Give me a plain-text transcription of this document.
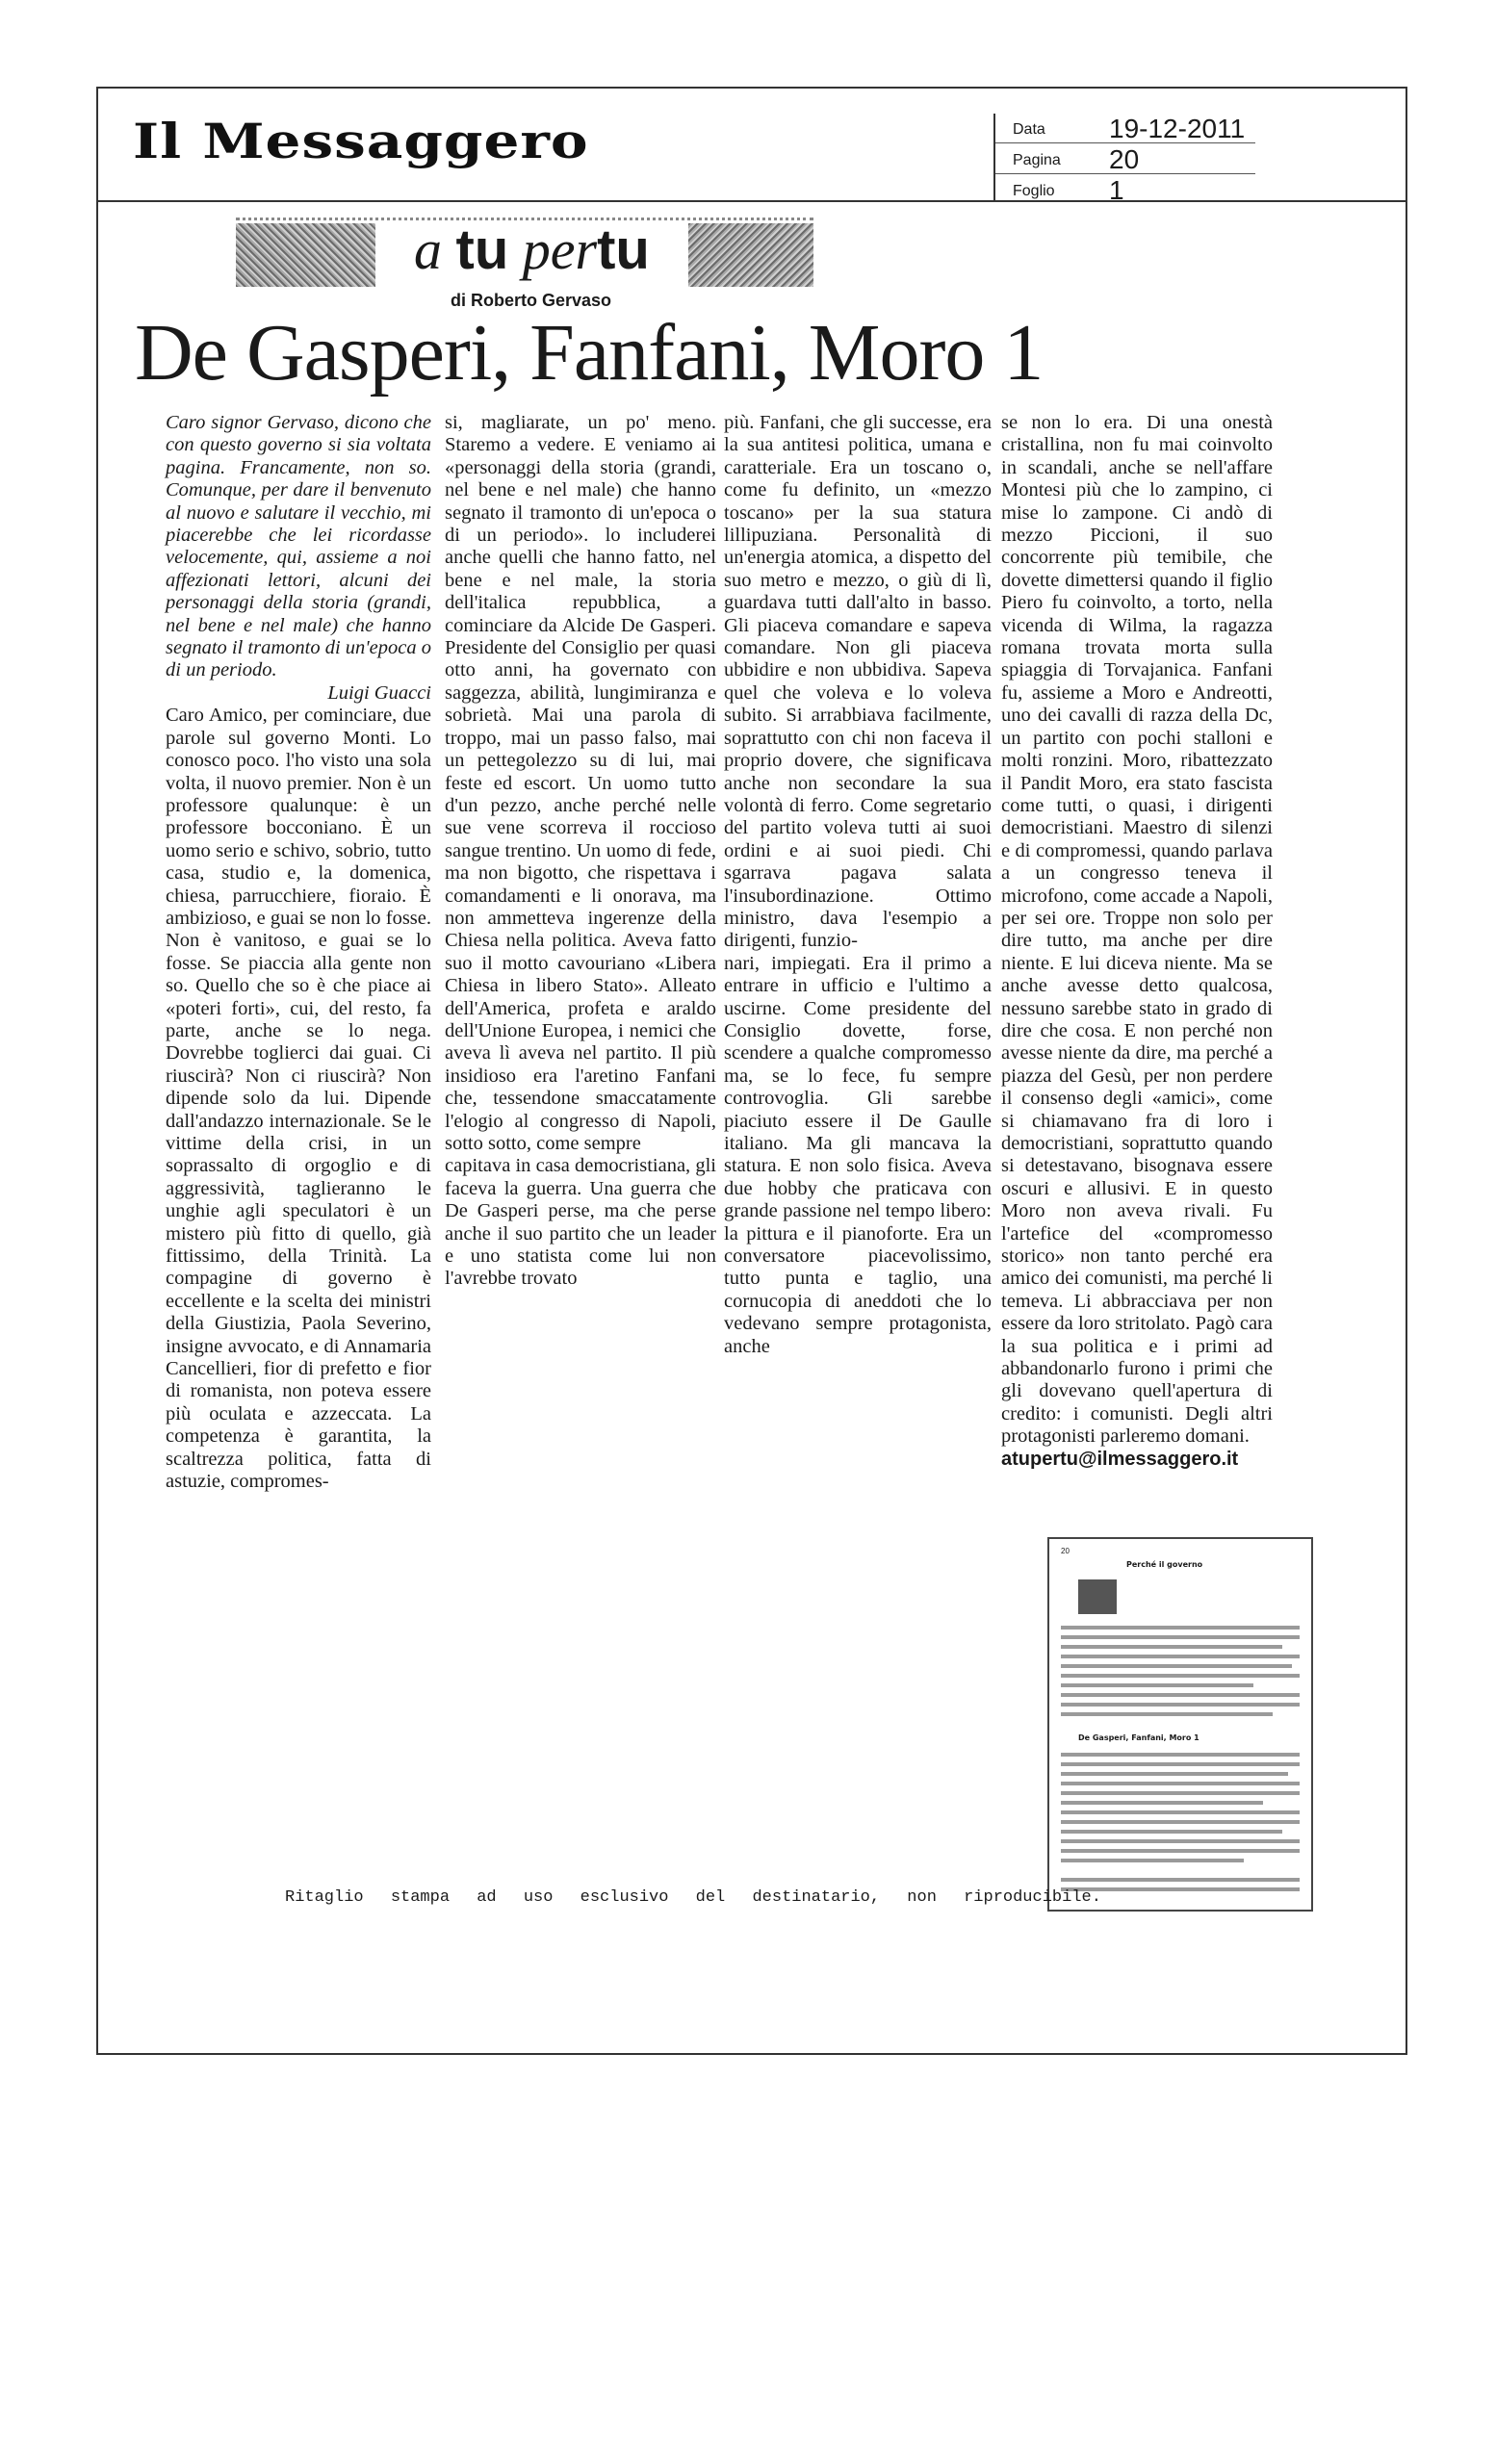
Il Messaggero	Data 19-12-2011
Pagina 20
Foglio 1
a tu pertu
di Roberto Gervaso
De Gasperi, Fanfani, Moro 1

Caro signor Gervaso, dicono che con questo governo si sia voltata pagina. Francamente, non so. Comunque, per dare il benvenuto al nuovo e salutare il vecchio, mi piacerebbe che lei ricordasse velocemente, qui, assieme a noi affezionati lettori, alcuni dei personaggi della storia (grandi, nel bene e nel male) che hanno segnato il tramonto di un'epoca o di un periodo.

Luigi Guacci

Caro Amico, per cominciare, due parole sul governo Monti. Lo conosco poco. l'ho visto una sola volta, il nuovo premier. Non è un professore qualunque: è un professore bocconiano. È un uomo serio e schivo, sobrio, tutto casa, studio e, la domenica, chiesa, parrucchiere, fioraio. È ambizioso, e guai se non lo fosse. Non è vanitoso, e guai se lo fosse. Se piaccia alla gente non so. Quello che so è che piace ai «poteri forti», cui, del resto, fa parte, anche se lo nega. Dovrebbe toglierci dai guai. Ci riuscirà? Non ci riuscirà? Non dipende solo da lui. Dipende dall'andazzo internazionale. Se le vittime della crisi, in un soprassalto di orgoglio e di aggressività, taglieranno le unghie agli speculatori è un mistero più fitto di quello, già fittissimo, della Trinità. La compagine di governo è eccellente e la scelta dei ministri della Giustizia, Paola Severino, insigne avvocato, e di Annamaria Cancellieri, fior di prefetto e fior di romanista, non poteva essere più oculata e azzeccata. La competenza è garantita, la scaltrezza politica, fatta di astuzie, compromes-

si, magliarate, un po' meno. Staremo a vedere. E veniamo ai «personaggi della storia (grandi, nel bene e nel male) che hanno segnato il tramonto di un'epoca o di un periodo». lo includerei anche quelli che hanno fatto, nel bene e nel male, la storia dell'italica repubblica, a cominciare da Alcide De Gasperi. Presidente del Consiglio per quasi otto anni, ha governato con saggezza, abilità, lungimiranza e sobrietà. Mai una parola di troppo, mai un passo falso, mai un pettegolezzo su di lui, mai feste ed escort. Un uomo tutto d'un pezzo, anche perché nelle sue vene scorreva il roccioso sangue trentino. Un uomo di fede, ma non bigotto, che rispettava i comandamenti e li onorava, ma non ammetteva ingerenze della Chiesa nella politica. Aveva fatto suo il motto cavouriano «Libera Chiesa in libero Stato». Alleato dell'America, profeta e araldo dell'Unione Europea, i nemici che aveva lì aveva nel partito. Il più insidioso era l'aretino Fanfani che, tessendone smaccatamente l'elogio al congresso di Napoli, sotto sotto, come sempre

capitava in casa democristiana, gli faceva la guerra. Una guerra che De Gasperi perse, ma che perse anche il suo partito che un leader e uno statista come lui non l'avrebbe trovato

più. Fanfani, che gli successe, era la sua antitesi politica, umana e caratteriale. Era un toscano o, come fu definito, un «mezzo toscano» per la sua statura lillipuziana. Personalità di un'energia atomica, a dispetto del suo metro e mezzo, o giù di lì, guardava tutti dall'alto in basso. Gli piaceva comandare e sapeva comandare. Non gli piaceva ubbidire e non ubbidiva. Sapeva quel che voleva e lo voleva subito. Si arrabbiava facilmente, soprattutto con chi non faceva il proprio dovere, che significava anche non secondare la sua volontà di ferro. Come segretario del partito voleva tutti ai suoi ordini e ai suoi piedi. Chi sgarrava pagava salata l'insubordinazione. Ottimo ministro, dava l'esempio a dirigenti, funzio-

nari, impiegati. Era il primo a entrare in ufficio e l'ultimo a uscirne. Come presidente del Consiglio dovette, forse, scendere a qualche compromesso ma, se lo fece, fu sempre controvoglia. Gli sarebbe piaciuto essere il De Gaulle italiano. Ma gli mancava la statura. E non solo fisica. Aveva due hobby che praticava con grande passione nel tempo libero: la pittura e il pianoforte. Era un conversatore piacevolissimo, tutto punta e taglio, una cornucopia di aneddoti che lo vedevano sempre protagonista, anche

se non lo era. Di una onestà cristallina, non fu mai coinvolto in scandali, anche se nell'affare Montesi più che lo zampino, ci mise lo zampone. Ci andò di mezzo Piccioni, il suo concorrente più temibile, che dovette dimettersi quando il figlio Piero fu coinvolto, a torto, nella vicenda di Wilma, la ragazza romana trovata morta sulla spiaggia di Torvajanica. Fanfani fu, assieme a Moro e Andreotti, uno dei cavalli di razza della Dc, un partito con pochi stalloni e molti ronzini. Moro, ribattezzato il Pandit Moro, era stato fascista come tutti, o quasi, i dirigenti democristiani. Maestro di silenzi e di compromessi, quando parlava a un congresso teneva il microfono, come accade a Napoli, per sei ore. Troppe non solo per dire tutto, ma anche per dire niente. E lui diceva niente. Ma se anche avesse detto qualcosa, nessuno sarebbe stato in grado di dire che cosa. E non perché non avesse niente da dire, ma perché a piazza del Gesù, per non perdere il consenso degli «amici», come si chiamavano fra di loro i democristiani, soprattutto quando si detestavano, bisognava essere oscuri e allusivi. E in questo Moro non aveva rivali. Fu l'artefice del «compromesso storico» non tanto perché era amico dei comunisti, ma perché li temeva. Li abbracciava per non essere da loro stritolato. Pagò cara la sua politica e i primi ad abbandonarlo furono i primi che gli dovevano quell'apertura di credito: i comunisti. Degli altri protagonisti parleremo domani.

atupertu@ilmessaggero.it

20
Perché il governo
De Gasperi, Fanfani, Moro 1
Ritaglio stampa ad uso esclusivo del destinatario, non riproducibile.
